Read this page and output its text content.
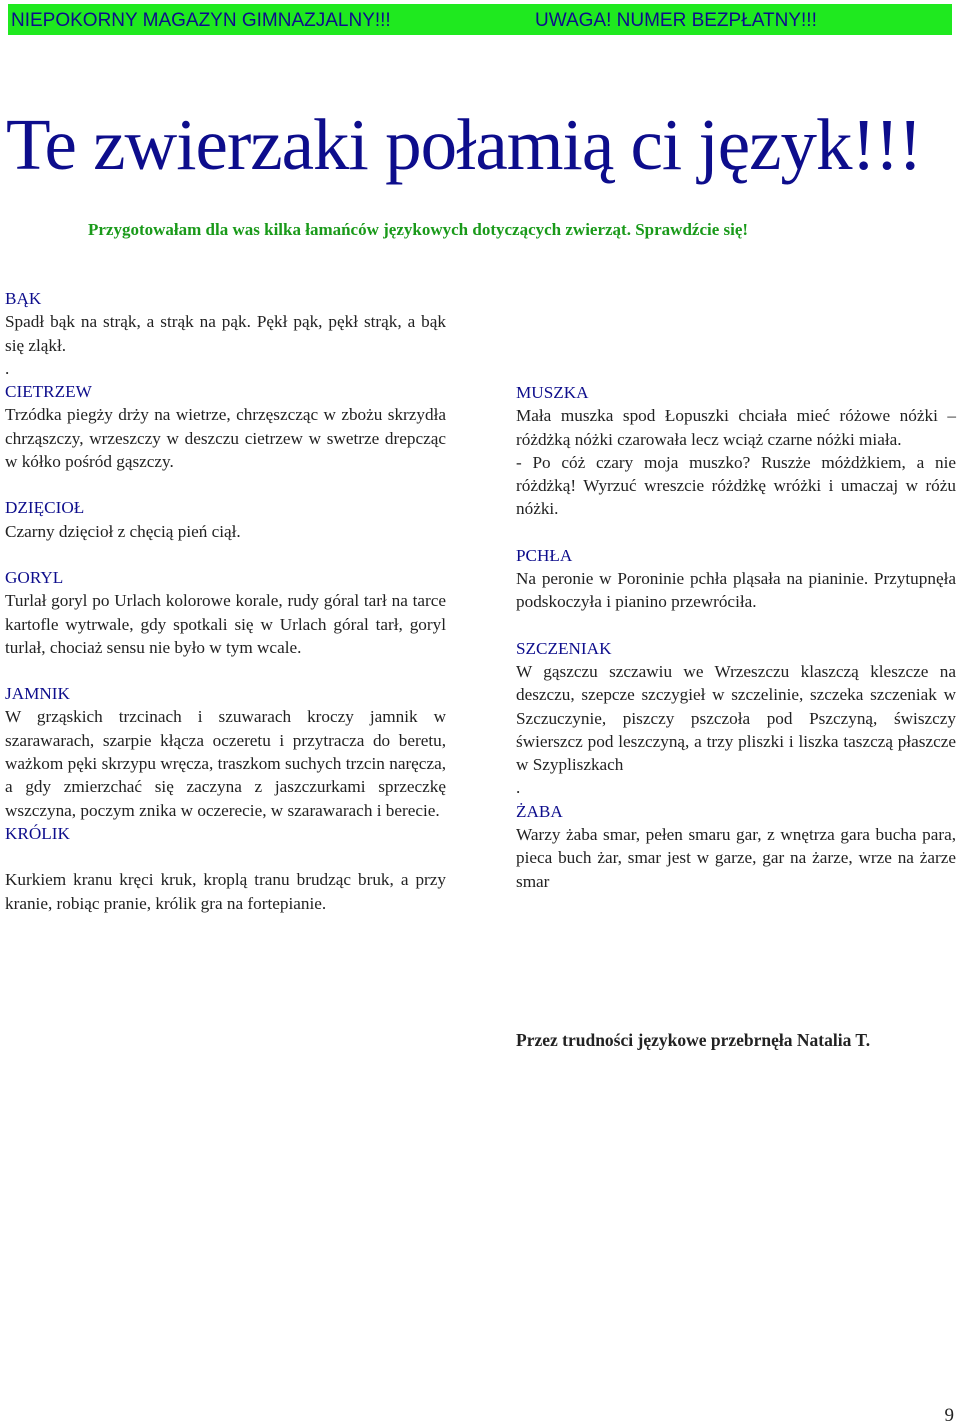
NIEPOKORNY MAGAZYN GIMNAZJALNY!!!	UWAGA! NUMER BEZPŁATNY!!!
Te zwierzaki połamią ci język!!!

Przygotowałam dla was kilka łamańców językowych dotyczących zwierząt. Sprawdźcie się!

BĄK
Spadł bąk na strąk, a strąk na pąk. Pękł pąk, pękł strąk, a bąk się zląkł.
.
CIETRZEW
Trzódka piegży drży na wietrze, chrzęszcząc w zbożu skrzydła chrząszczy, wrzeszczy w deszczu cietrzew w swetrze drepcząc w kółko pośród gąszczy.
DZIĘCIOŁ
Czarny dzięcioł z chęcią pień ciął.
GORYL
Turlał goryl po Urlach kolorowe korale, rudy góral tarł na tarce kartofle wytrwale, gdy spotkali się w Urlach góral tarł, goryl turlał, chociaż sensu nie było w tym wcale.
JAMNIK
W grząskich trzcinach i szuwarach kroczy jamnik w szarawarach, szarpie kłącza oczeretu i przytracza do beretu, ważkom pęki skrzypu wręcza, traszkom suchych trzcin naręcza, a gdy zmierzchać się zaczyna z jaszczurkami sprzeczkę wszczyna, poczym znika w oczerecie, w szarawarach i berecie.
KRÓLIK
Kurkiem kranu kręci kruk, kroplą tranu brudząc bruk, a przy kranie, robiąc pranie, królik gra na fortepianie.
MUSZKA
Mała muszka spod Łopuszki chciała mieć różowe nóżki – różdżką nóżki czarowała lecz wciąż czarne nóżki miała.
- Po cóż czary moja muszko? Ruszże móżdżkiem, a nie różdżką! Wyrzuć wreszcie różdżkę wróżki i umaczaj w różu nóżki.
PCHŁA
Na peronie w Poroninie pchła pląsała na pianinie. Przytupnęła podskoczyła i pianino przewróciła.
SZCZENIAK
W gąszczu szczawiu we Wrzeszczu klaszczą kleszcze na deszczu, szepcze szczygieł w szczelinie, szczeka szczeniak w Szczuczynie, piszczy pszczoła pod Pszczyną, świszczy świerszcz pod leszczyną, a trzy pliszki i liszka taszczą płaszcze w Szypliszkach
.
ŻABA
Warzy żaba smar, pełen smaru gar, z wnętrza gara bucha para, pieca buch żar, smar jest w garze, gar na żarze, wrze na żarze smar

Przez trudności językowe przebrnęła Natalia T.

9
